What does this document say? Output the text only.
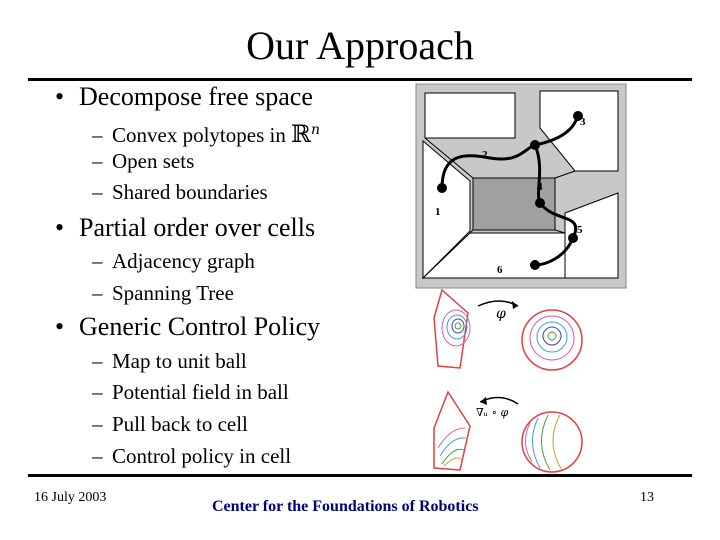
Our Approach
• Decompose free space
– Convex polytopes in ℝ$^n$
– Open sets
– Shared boundaries
• Partial order over cells
– Adjacency graph
– Spanning Tree
• Generic Control Policy
– Map to unit ball
– Potential field in ball
– Pull back to cell
– Control policy in cell
1
2
3
4
5
6
φ
∇ᵤ ∘ φ
16 July 2003
Center for the Foundations of Robotics
13
